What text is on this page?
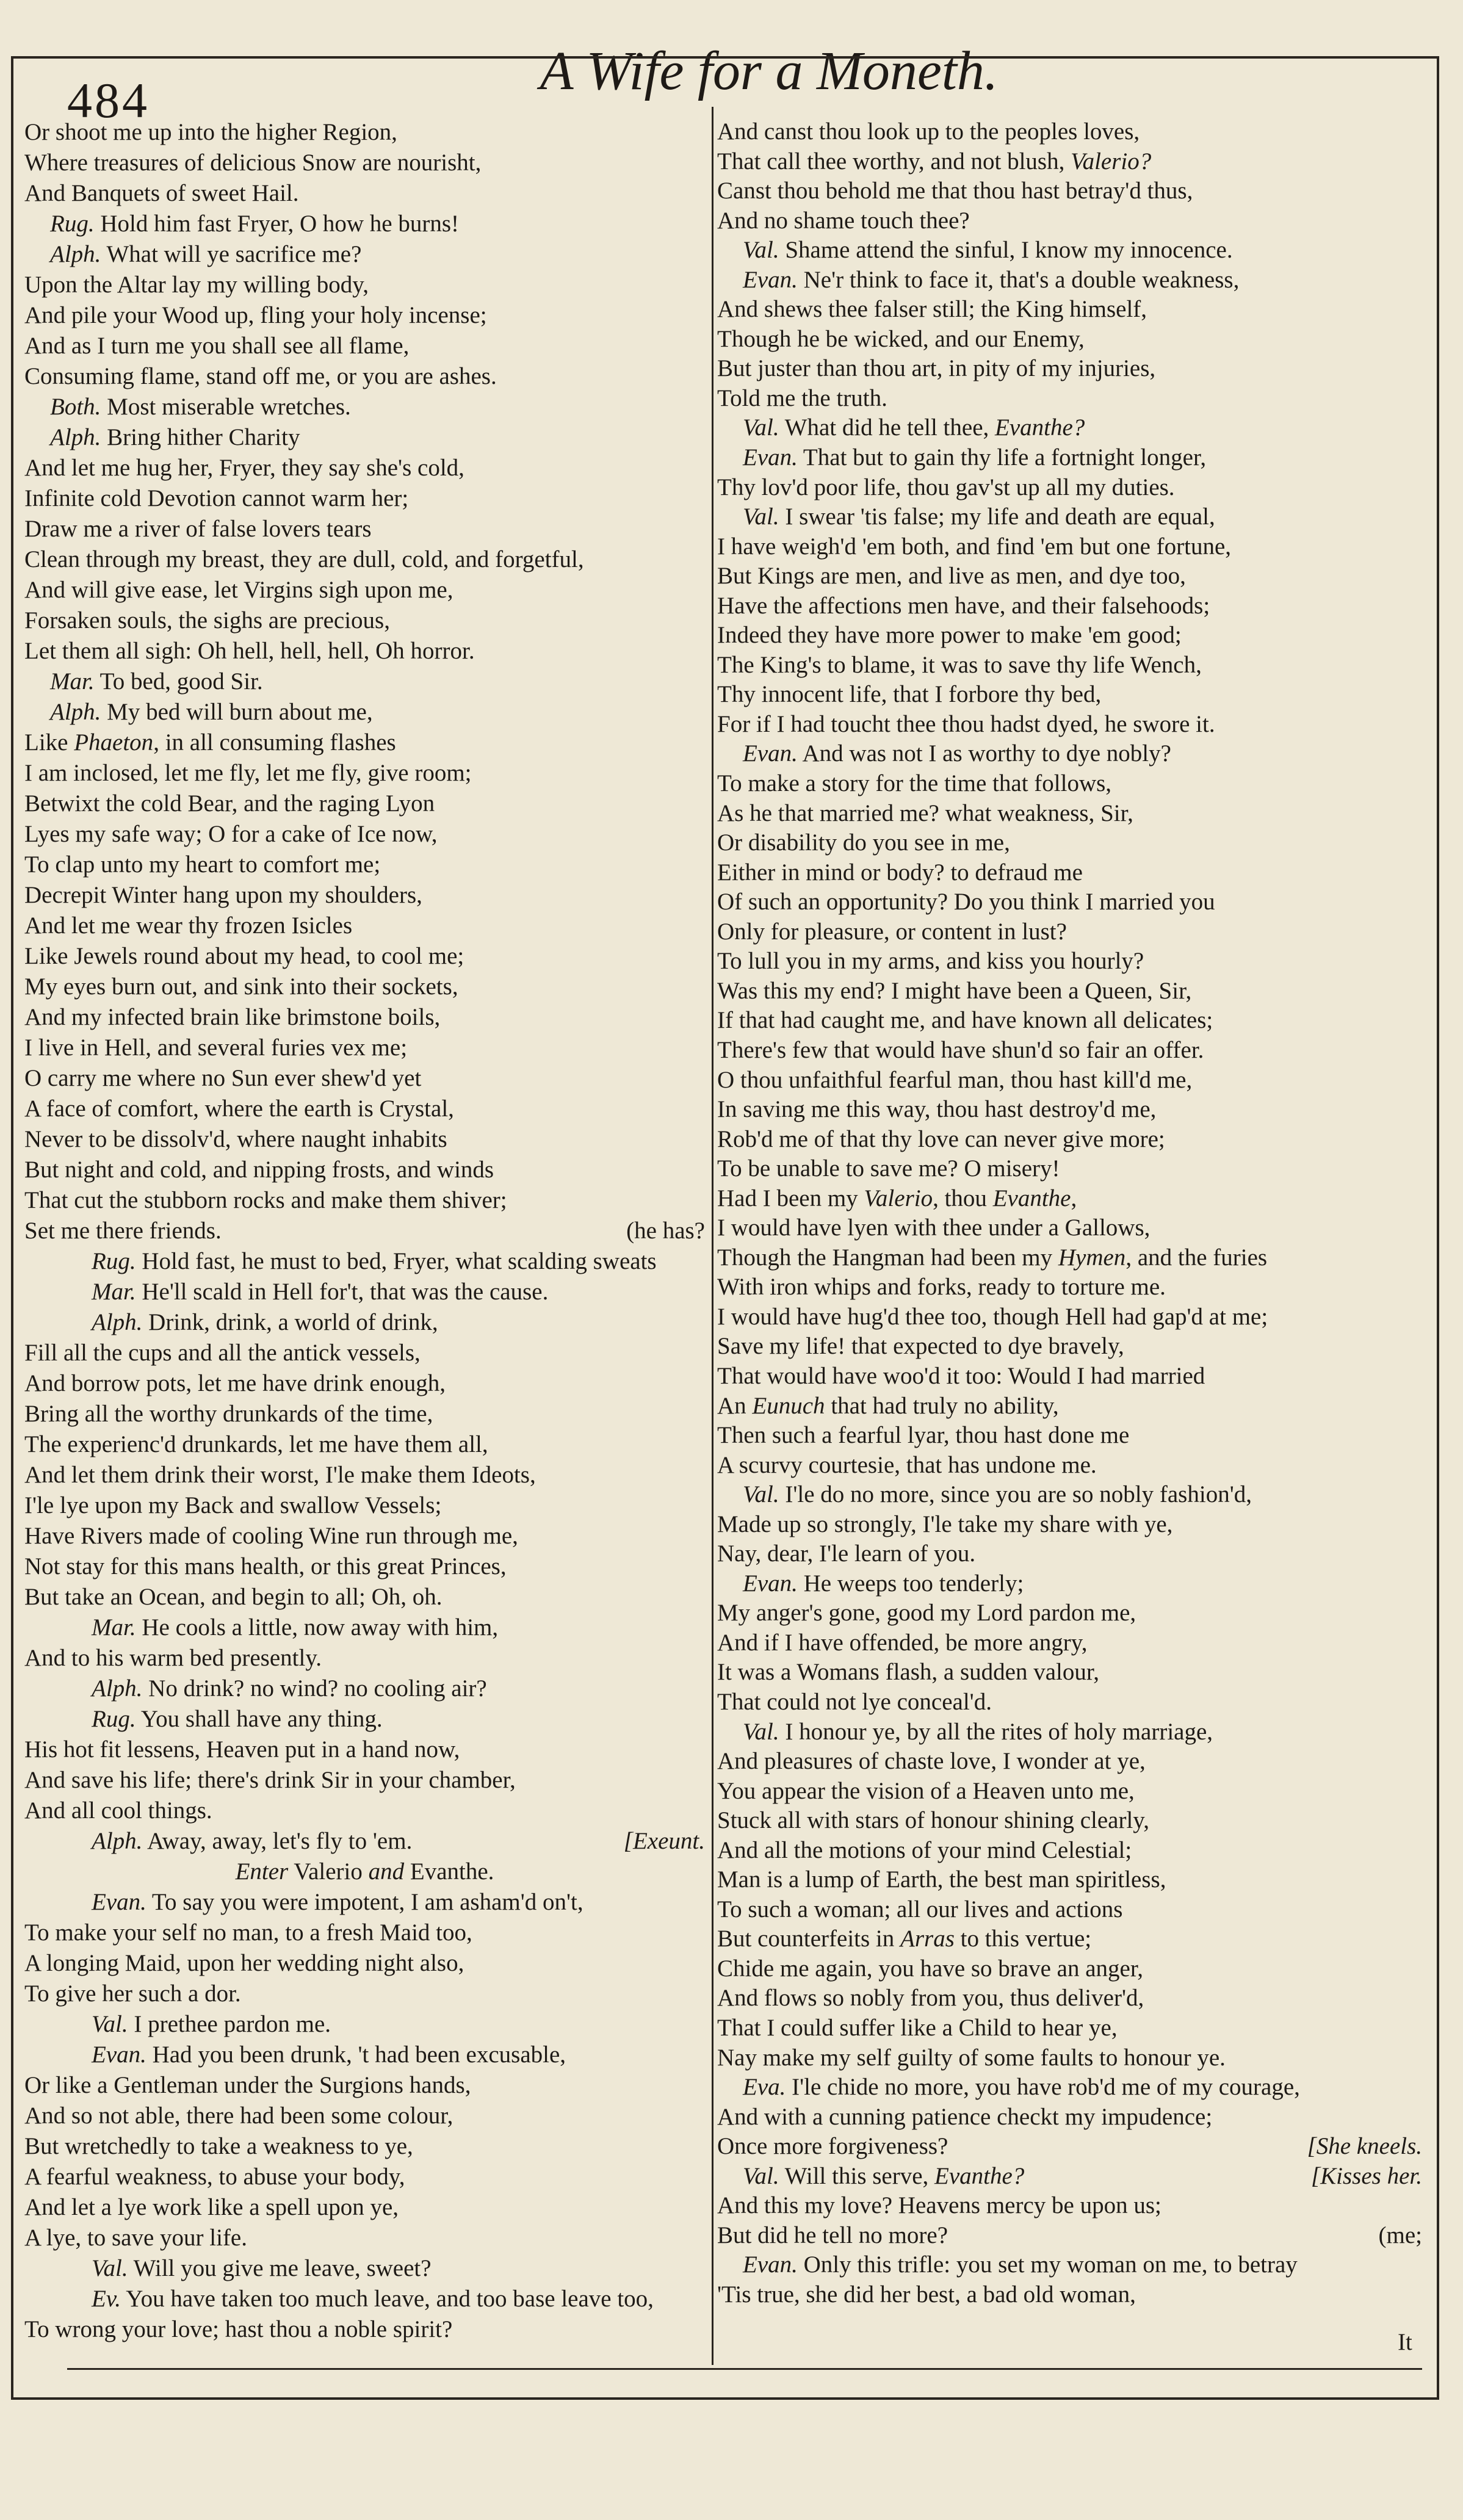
484	A Wife for a Moneth.
Or shoot me up into the higher Region,
Where treasures of delicious Snow are nourisht,
And Banquets of sweet Hail.
Rug. Hold him fast Fryer, O how he burns!
Alph. What will ye sacrifice me?
Upon the Altar lay my willing body,
And pile your Wood up, fling your holy incense;
And as I turn me you shall see all flame,
Consuming flame, stand off me, or you are ashes.
Both. Most miserable wretches.
Alph. Bring hither Charity
And let me hug her, Fryer, they say she's cold,
Infinite cold Devotion cannot warm her;
Draw me a river of false lovers tears
Clean through my breast, they are dull, cold, and forgetful,
And will give ease, let Virgins sigh upon me,
Forsaken souls, the sighs are precious,
Let them all sigh: Oh hell, hell, hell, Oh horror.
Mar. To bed, good Sir.
Alph. My bed will burn about me,
Like Phaeton, in all consuming flashes
I am inclosed, let me fly, let me fly, give room;
Betwixt the cold Bear, and the raging Lyon
Lyes my safe way; O for a cake of Ice now,
To clap unto my heart to comfort me;
Decrepit Winter hang upon my shoulders,
And let me wear thy frozen Isicles
Like Jewels round about my head, to cool me;
My eyes burn out, and sink into their sockets,
And my infected brain like brimstone boils,
I live in Hell, and several furies vex me;
O carry me where no Sun ever shew'd yet
A face of comfort, where the earth is Crystal,
Never to be dissolv'd, where naught inhabits
But night and cold, and nipping frosts, and winds
That cut the stubborn rocks and make them shiver;
Set me there friends.	(he has?
Rug. Hold fast, he must to bed, Fryer, what scalding sweats
Mar. He'll scald in Hell for't, that was the cause.
Alph. Drink, drink, a world of drink,
Fill all the cups and all the antick vessels,
And borrow pots, let me have drink enough,
Bring all the worthy drunkards of the time,
The experienc'd drunkards, let me have them all,
And let them drink their worst, I'le make them Ideots,
I'le lye upon my Back and swallow Vessels;
Have Rivers made of cooling Wine run through me,
Not stay for this mans health, or this great Princes,
But take an Ocean, and begin to all; Oh, oh.
Mar. He cools a little, now away with him,
And to his warm bed presently.
Alph. No drink? no wind? no cooling air?
Rug. You shall have any thing.
His hot fit lessens, Heaven put in a hand now,
And save his life; there's drink Sir in your chamber,
And all cool things.
Alph. Away, away, let's fly to 'em.	[Exeunt.
Enter Valerio and Evanthe.
Evan. To say you were impotent, I am asham'd on't,
To make your self no man, to a fresh Maid too,
A longing Maid, upon her wedding night also,
To give her such a dor.
Val. I prethee pardon me.
Evan. Had you been drunk, 't had been excusable,
Or like a Gentleman under the Surgions hands,
And so not able, there had been some colour,
But wretchedly to take a weakness to ye,
A fearful weakness, to abuse your body,
And let a lye work like a spell upon ye,
A lye, to save your life.
Val. Will you give me leave, sweet?
Ev. You have taken too much leave, and too base leave too,
To wrong your love; hast thou a noble spirit?
And canst thou look up to the peoples loves,
That call thee worthy, and not blush, Valerio?
Canst thou behold me that thou hast betray'd thus,
And no shame touch thee?
Val. Shame attend the sinful, I know my innocence.
Evan. Ne'r think to face it, that's a double weakness,
And shews thee falser still; the King himself,
Though he be wicked, and our Enemy,
But juster than thou art, in pity of my injuries,
Told me the truth.
Val. What did he tell thee, Evanthe?
Evan. That but to gain thy life a fortnight longer,
Thy lov'd poor life, thou gav'st up all my duties.
Val. I swear 'tis false; my life and death are equal,
I have weigh'd 'em both, and find 'em but one fortune,
But Kings are men, and live as men, and dye too,
Have the affections men have, and their falsehoods;
Indeed they have more power to make 'em good;
The King's to blame, it was to save thy life Wench,
Thy innocent life, that I forbore thy bed,
For if I had toucht thee thou hadst dyed, he swore it.
Evan. And was not I as worthy to dye nobly?
To make a story for the time that follows,
As he that married me? what weakness, Sir,
Or disability do you see in me,
Either in mind or body? to defraud me
Of such an opportunity? Do you think I married you
Only for pleasure, or content in lust?
To lull you in my arms, and kiss you hourly?
Was this my end? I might have been a Queen, Sir,
If that had caught me, and have known all delicates;
There's few that would have shun'd so fair an offer.
O thou unfaithful fearful man, thou hast kill'd me,
In saving me this way, thou hast destroy'd me,
Rob'd me of that thy love can never give more;
To be unable to save me? O misery!
Had I been my Valerio, thou Evanthe,
I would have lyen with thee under a Gallows,
Though the Hangman had been my Hymen, and the furies
With iron whips and forks, ready to torture me.
I would have hug'd thee too, though Hell had gap'd at me;
Save my life! that expected to dye bravely,
That would have woo'd it too: Would I had married
An Eunuch that had truly no ability,
Then such a fearful lyar, thou hast done me
A scurvy courtesie, that has undone me.
Val. I'le do no more, since you are so nobly fashion'd,
Made up so strongly, I'le take my share with ye,
Nay, dear, I'le learn of you.
Evan. He weeps too tenderly;
My anger's gone, good my Lord pardon me,
And if I have offended, be more angry,
It was a Womans flash, a sudden valour,
That could not lye conceal'd.
Val. I honour ye, by all the rites of holy marriage,
And pleasures of chaste love, I wonder at ye,
You appear the vision of a Heaven unto me,
Stuck all with stars of honour shining clearly,
And all the motions of your mind Celestial;
Man is a lump of Earth, the best man spiritless,
To such a woman; all our lives and actions
But counterfeits in Arras to this vertue;
Chide me again, you have so brave an anger,
And flows so nobly from you, thus deliver'd,
That I could suffer like a Child to hear ye,
Nay make my self guilty of some faults to honour ye.
Eva. I'le chide no more, you have rob'd me of my courage,
And with a cunning patience checkt my impudence;
Once more forgiveness?	[She kneels.
Val. Will this serve, Evanthe?	[Kisses her.
And this my love? Heavens mercy be upon us;
But did he tell no more?	(me;
Evan. Only this trifle: you set my woman on me, to betray
'Tis true, she did her best, a bad old woman,
It
